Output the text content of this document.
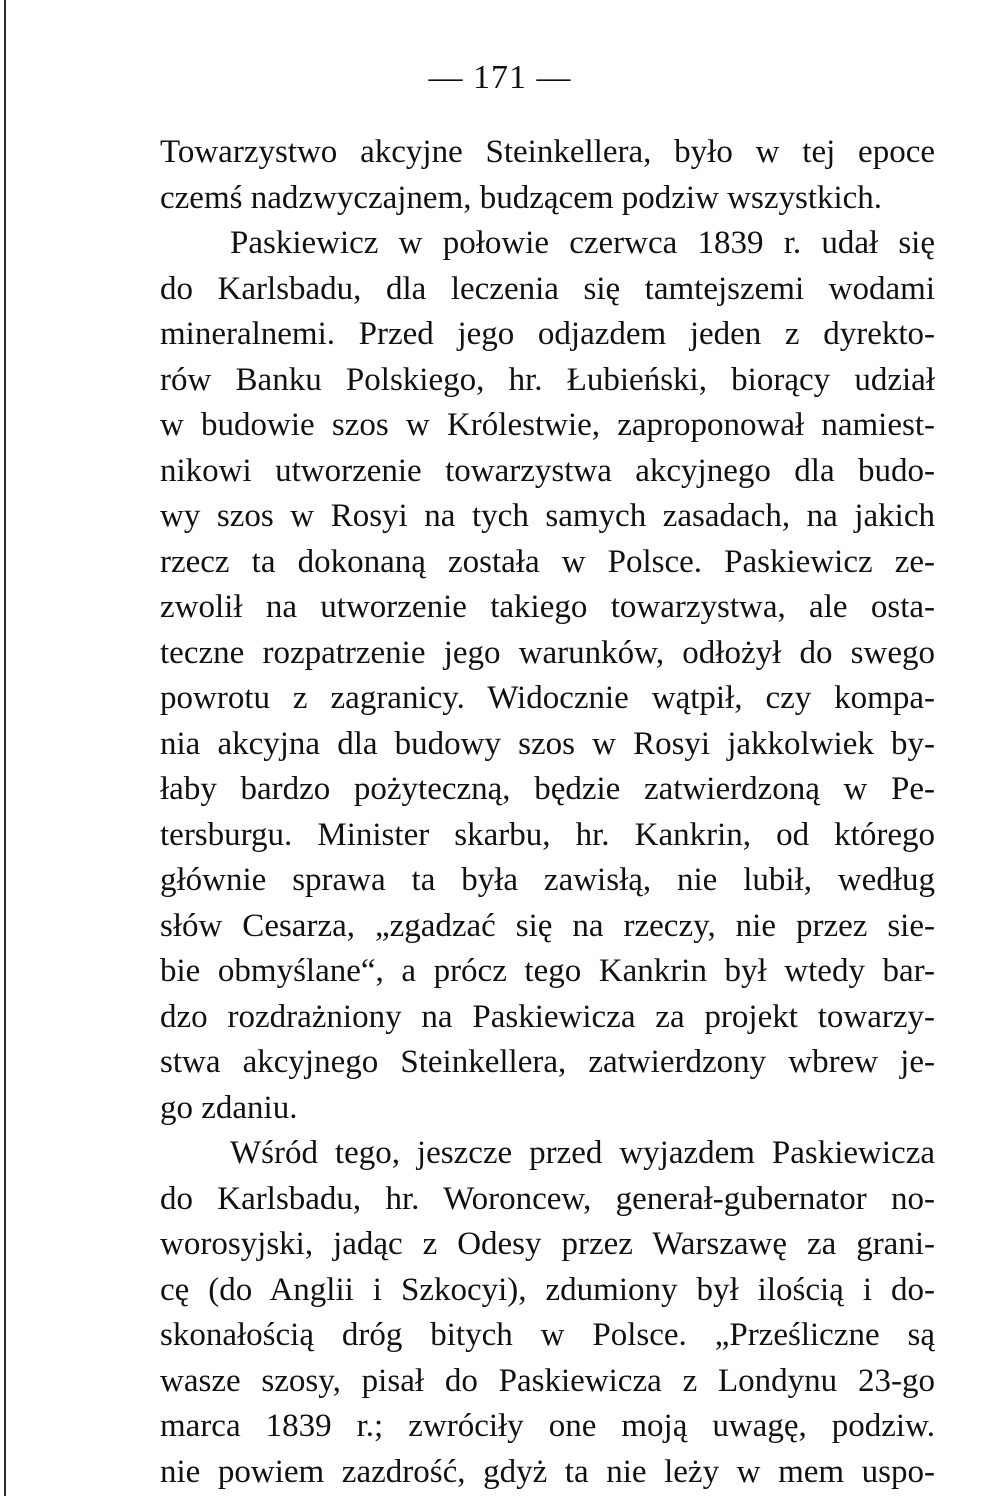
— 171 —
Towarzystwo akcyjne Steinkellera, było w tej epoce
czemś nadzwyczajnem, budzącem podziw wszystkich.
Paskiewicz w połowie czerwca 1839 r. udał się
do Karlsbadu, dla leczenia się tamtejszemi wodami
mineralnemi. Przed jego odjazdem jeden z dyrekto-
rów Banku Polskiego, hr. Łubieński, biorący udział
w budowie szos w Królestwie, zaproponował namiest-
nikowi utworzenie towarzystwa akcyjnego dla budo-
wy szos w Rosyi na tych samych zasadach, na jakich
rzecz ta dokonaną została w Polsce. Paskiewicz ze-
zwolił na utworzenie takiego towarzystwa, ale osta-
teczne rozpatrzenie jego warunków, odłożył do swego
powrotu z zagranicy. Widocznie wątpił, czy kompa-
nia akcyjna dla budowy szos w Rosyi jakkolwiek by-
łaby bardzo pożyteczną, będzie zatwierdzoną w Pe-
tersburgu. Minister skarbu, hr. Kankrin, od którego
głównie sprawa ta była zawisłą, nie lubił, według
słów Cesarza, „zgadzać się na rzeczy, nie przez sie-
bie obmyślane“, a prócz tego Kankrin był wtedy bar-
dzo rozdrażniony na Paskiewicza za projekt towarzy-
stwa akcyjnego Steinkellera, zatwierdzony wbrew je-
go zdaniu.
Wśród tego, jeszcze przed wyjazdem Paskiewicza
do Karlsbadu, hr. Woroncew, generał-gubernator no-
worosyjski, jadąc z Odesy przez Warszawę za grani-
cę (do Anglii i Szkocyi), zdumiony był ilością i do-
skonałością dróg bitych w Polsce. „Prześliczne są
wasze szosy, pisał do Paskiewicza z Londynu 23-go
marca 1839 r.; zwróciły one moją uwagę, podziw.
nie powiem zazdrość, gdyż ta nie leży w mem uspo-
